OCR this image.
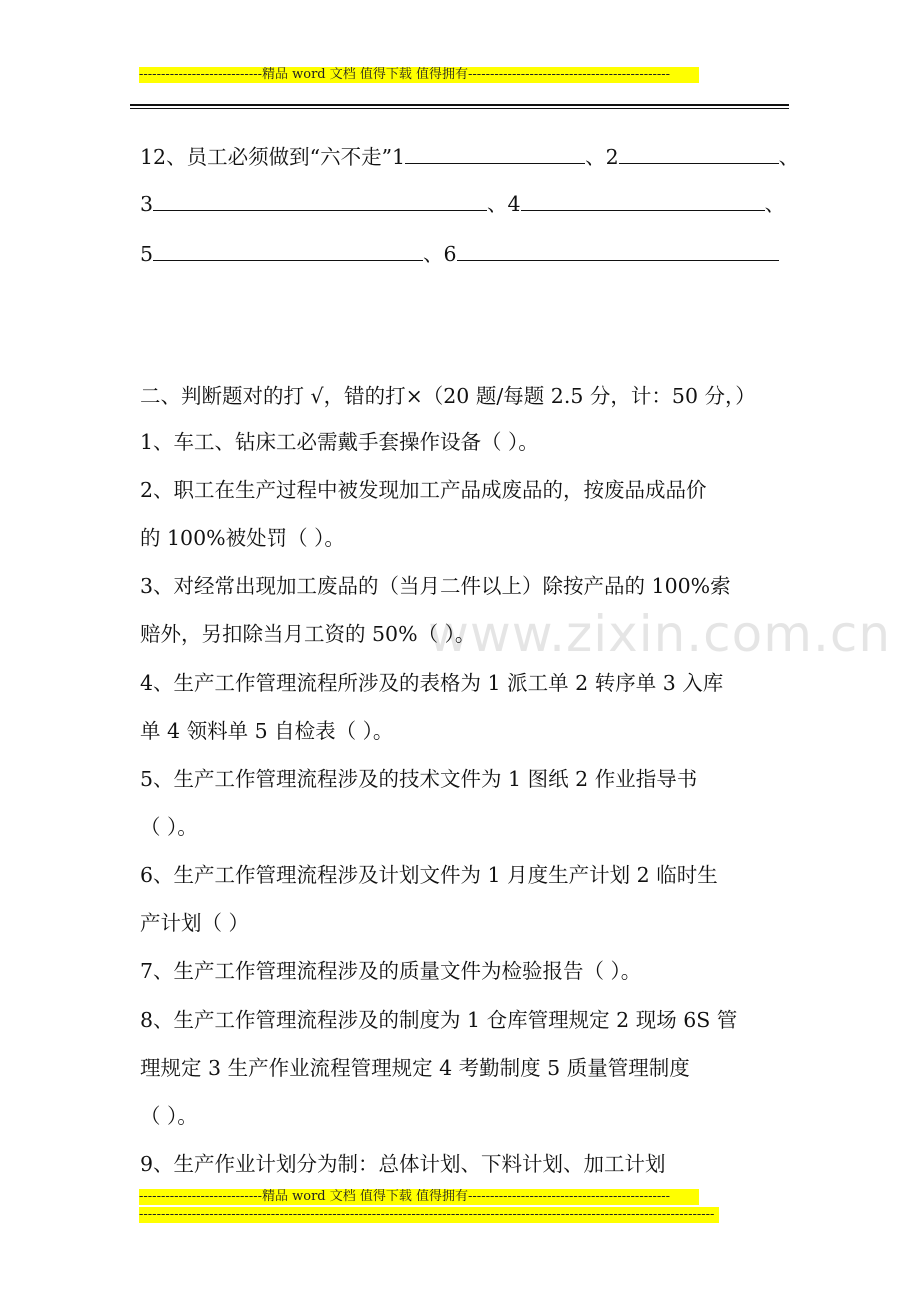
----------------------------精品 word 文档 值得下载 值得拥有----------------------------------------------
12、员工必须做到“六不走”1	、2	、
3	、4	、
5	、6
二、判断题对的打 √，错的打×（20 题/每题 2.5 分，计：50 分，）
1、车工、钻床工必需戴手套操作设备（ ）。
2、职工在生产过程中被发现加工产品成废品的，按废品成品价
的 100%被处罚（ ）。
3、对经常出现加工废品的（当月二件以上）除按产品的 100%索
赔外，另扣除当月工资的 50%（ ）。
4、生产工作管理流程所涉及的表格为 1 派工单 2 转序单 3 入库
单 4 领料单 5 自检表（ ）。
5、生产工作管理流程涉及的技术文件为 1 图纸 2 作业指导书
（ ）。
6、生产工作管理流程涉及计划文件为 1 月度生产计划 2 临时生
产计划（ ）
7、生产工作管理流程涉及的质量文件为检验报告（ ）。
8、生产工作管理流程涉及的制度为 1 仓库管理规定 2 现场 6S 管
理规定 3 生产作业流程管理规定 4 考勤制度 5 质量管理制度
（ ）。
9、生产作业计划分为制：总体计划、下料计划、加工计划
www.zixin.com.cn
----------------------------精品 word 文档 值得下载 值得拥有----------------------------------------------
-----------------------------------------------------------------------------------------------------------------------------------
